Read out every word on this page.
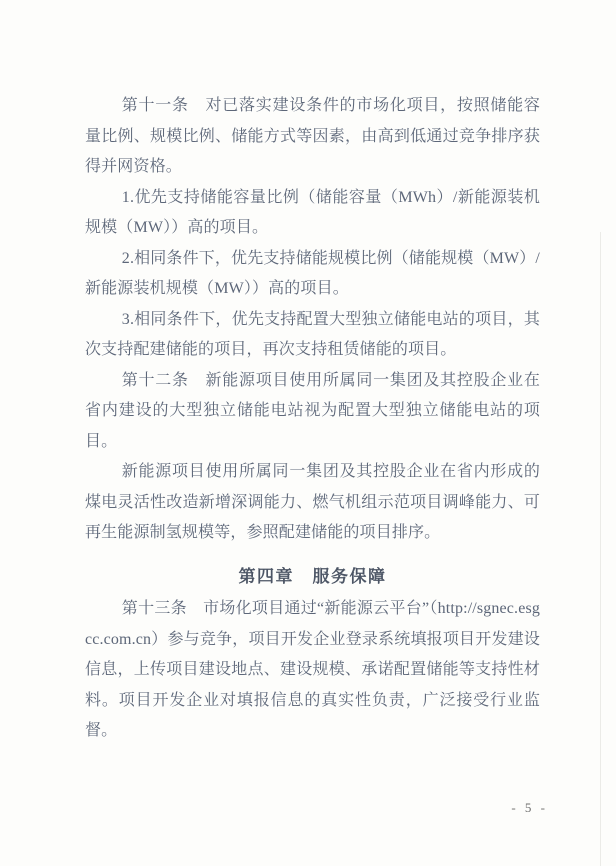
第十一条　对已落实建设条件的市场化项目，按照储能容量比例、规模比例、储能方式等因素，由高到低通过竞争排序获得并网资格。

1.优先支持储能容量比例（储能容量（MWh）/新能源装机规模（MW））高的项目。

2.相同条件下，优先支持储能规模比例（储能规模（MW）/新能源装机规模（MW））高的项目。

3.相同条件下，优先支持配置大型独立储能电站的项目，其次支持配建储能的项目，再次支持租赁储能的项目。

第十二条　新能源项目使用所属同一集团及其控股企业在省内建设的大型独立储能电站视为配置大型独立储能电站的项目。

新能源项目使用所属同一集团及其控股企业在省内形成的煤电灵活性改造新增深调能力、燃气机组示范项目调峰能力、可再生能源制氢规模等，参照配建储能的项目排序。

第四章　服务保障

第十三条　市场化项目通过“新能源云平台”（http://sgnec.esgcc.com.cn）参与竞争，项目开发企业登录系统填报项目开发建设信息，上传项目建设地点、建设规模、承诺配置储能等支持性材料。项目开发企业对填报信息的真实性负责，广泛接受行业监督。

- 5 -
